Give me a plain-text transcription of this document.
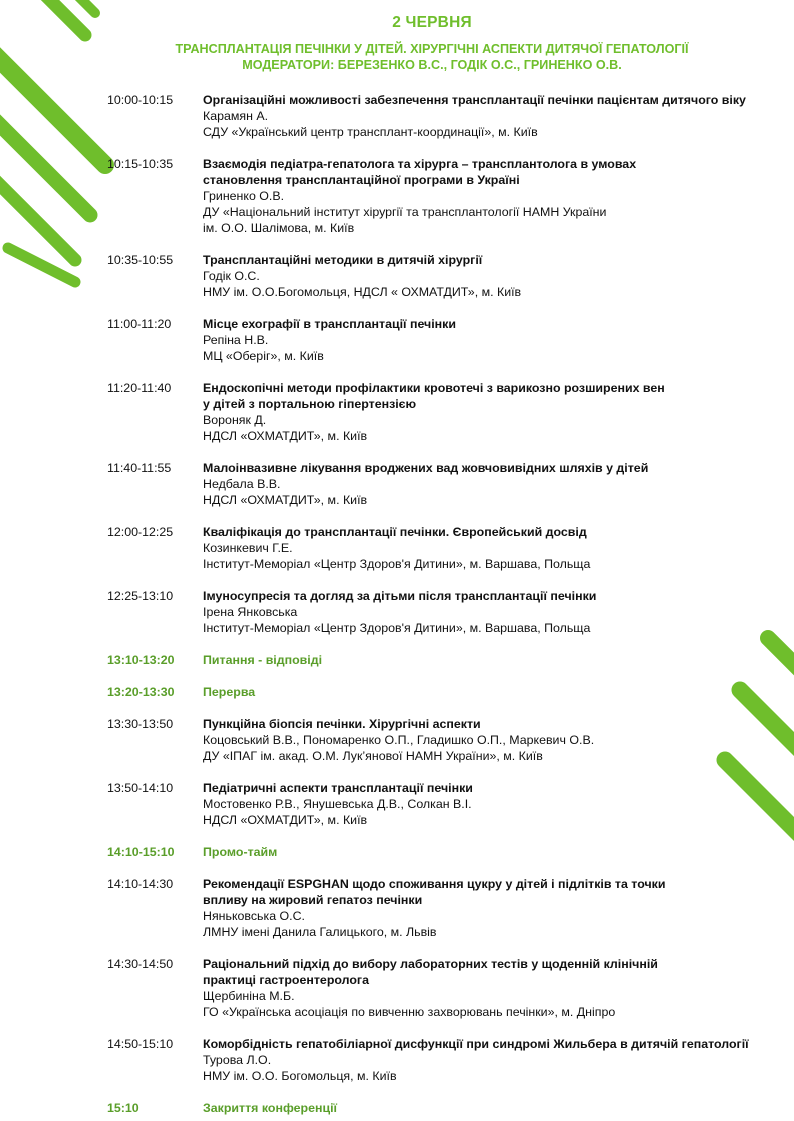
2 ЧЕРВНЯ
ТРАНСПЛАНТАЦІЯ ПЕЧІНКИ У ДІТЕЙ. ХІРУРГІЧНІ АСПЕКТИ ДИТЯЧОЇ ГЕПАТОЛОГІЇ
МОДЕРАТОРИ: БЕРЕЗЕНКО В.С., ГОДІК О.С., ГРИНЕНКО О.В.
10:00-10:15	Організаційні можливості забезпечення трансплантації печінки пацієнтам дитячого віку
Карамян А.
СДУ «Український центр трансплант-координації», м. Київ
10:15-10:35	Взаємодія педіатра-гепатолога та хірурга – трансплантолога в умовах
становлення трансплантаційної програми в Україні
Гриненко О.В.
ДУ «Національний інститут хірургії та трансплантології НАМН України
ім. О.О. Шалімова, м. Київ
10:35-10:55	Трансплантаційні методики в дитячій хірургії
Годік О.С.
НМУ ім. О.О.Богомольця, НДСЛ « ОХМАТДИТ», м. Київ
11:00-11:20	Місце ехографії в трансплантації печінки
Репіна Н.В.
МЦ «Оберіг», м. Київ
11:20-11:40	Ендоскопічні методи профілактики кровотечі з варикозно розширених вен
у дітей з портальною гіпертензією
Вороняк Д.
НДСЛ «ОХМАТДИТ», м. Київ
11:40-11:55	Малоінвазивне лікування вроджених вад жовчовивідних шляхів у дітей
Недбала В.В.
НДСЛ «ОХМАТДИТ», м. Київ
12:00-12:25	Кваліфікація до трансплантації печінки. Європейський досвід
Козинкевич Г.Е.
Інститут-Меморіал «Центр Здоров'я Дитини», м. Варшава, Польща
12:25-13:10	Імуносупресія та догляд за дітьми після трансплантації печінки
Ірена Янковська
Інститут-Меморіал «Центр Здоров'я Дитини», м. Варшава, Польща
13:10-13:20	Питання - відповіді
13:20-13:30	Перерва
13:30-13:50	Пункційна біопсія печінки. Хірургічні аспекти
Коцовський В.В., Пономаренко О.П., Гладишко О.П., Маркевич О.В.
ДУ «ІПАГ ім. акад. О.М. Лук’янової НАМН України», м. Київ
13:50-14:10	Педіатричні аспекти трансплантації печінки
Мостовенко Р.В., Янушевська Д.В., Солкан В.І.
НДСЛ «ОХМАТДИТ», м. Київ
14:10-15:10	Промо-тайм
14:10-14:30	Рекомендації ESPGHAN щодо споживання цукру у дітей і підлітків та точки
впливу на жировий гепатоз печінки
Няньковська О.С.
ЛМНУ імені Данила Галицького, м. Львів
14:30-14:50	Раціональний підхід до вибору лабораторних тестів у щоденній клінічній
практиці гастроентеролога
Щербиніна М.Б.
ГО «Українська асоціація по вивченню захворювань печінки», м. Дніпро
14:50-15:10	Коморбідність гепатобіліарної дисфункції при синдромі Жильбера в дитячій гепатології
Турова Л.О.
НМУ ім. О.О. Богомольця, м. Київ
15:10	Закриття конференції
